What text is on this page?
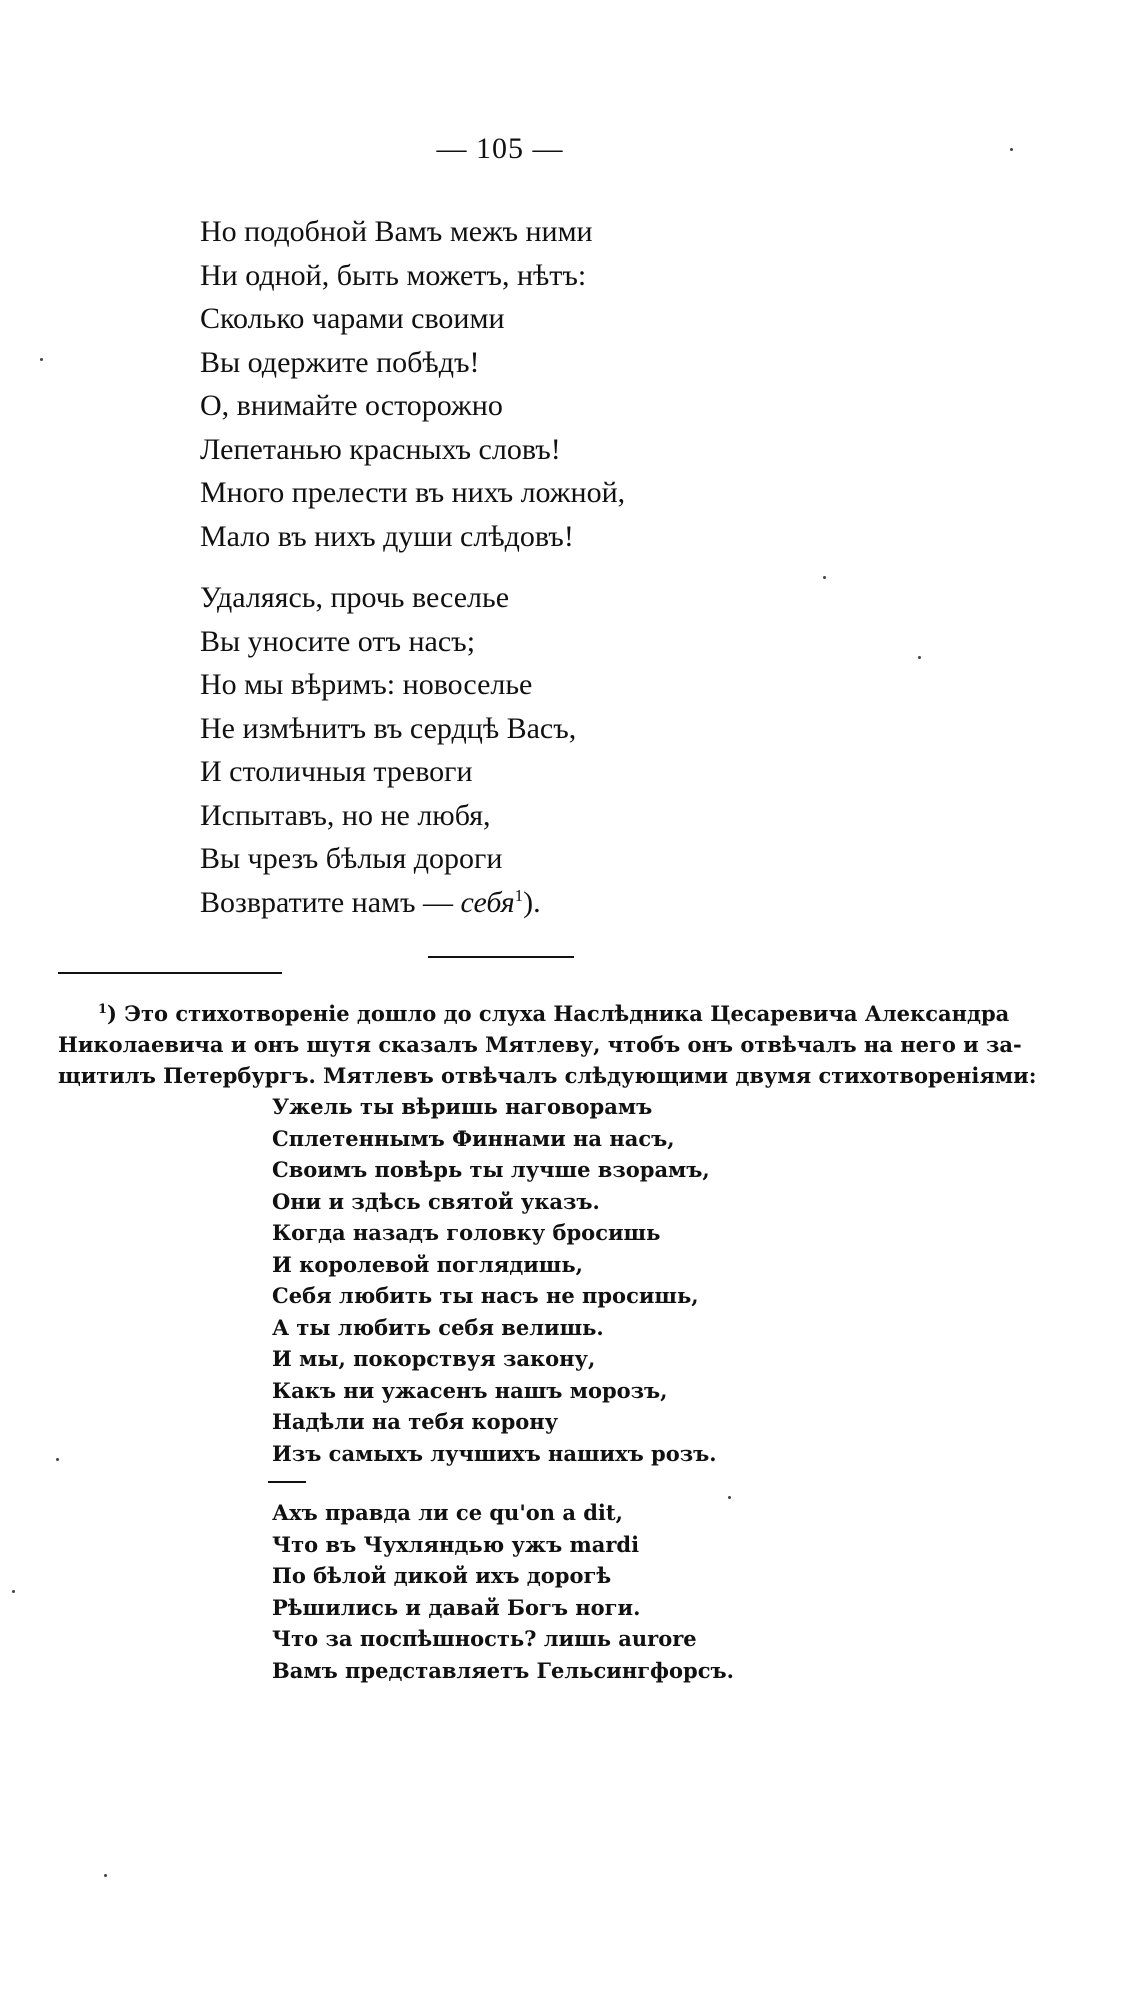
— 105 —
Но подобной Вамъ межъ ними
Ни одной, быть можетъ, нѣтъ:
Сколько чарами своими
Вы одержите побѣдъ!
О, внимайте осторожно
Лепетанью красныхъ словъ!
Много прелести въ нихъ ложной,
Мало въ нихъ души слѣдовъ!
Удаляясь, прочь веселье
Вы уносите отъ насъ;
Но мы вѣримъ: новоселье
Не измѣнитъ въ сердцѣ Васъ,
И столичныя тревоги
Испытавъ, но не любя,
Вы чрезъ бѣлыя дороги
Возвратите намъ — себя$^1$).
$^1$) Это стихотвореніе дошло до слуха Наслѣдника Цесаревича Александра
Николаевича и онъ шутя сказалъ Мятлеву, чтобъ онъ отвѣчалъ на него и за-
щитилъ Петербургъ. Мятлевъ отвѣчалъ слѣдующими двумя стихотвореніями:
Ужель ты вѣришь наговорамъ
Сплетеннымъ Финнами на насъ,
Своимъ повѣрь ты лучше взорамъ,
Они и здѣсь святой указъ.
Когда назадъ головку бросишь
И королевой поглядишь,
Себя любить ты насъ не просишь,
А ты любить себя велишь.
И мы, покорствуя закону,
Какъ ни ужасенъ нашъ морозъ,
Надѣли на тебя корону
Изъ самыхъ лучшихъ нашихъ розъ.
Ахъ правда ли се qu'on a dit,
Что въ Чухляндью ужъ mardi
По бѣлой дикой ихъ дорогѣ
Рѣшились и давай Богъ ноги.
Что за поспѣшность? лишь aurore
Вамъ представляетъ Гельсингфорсъ.
